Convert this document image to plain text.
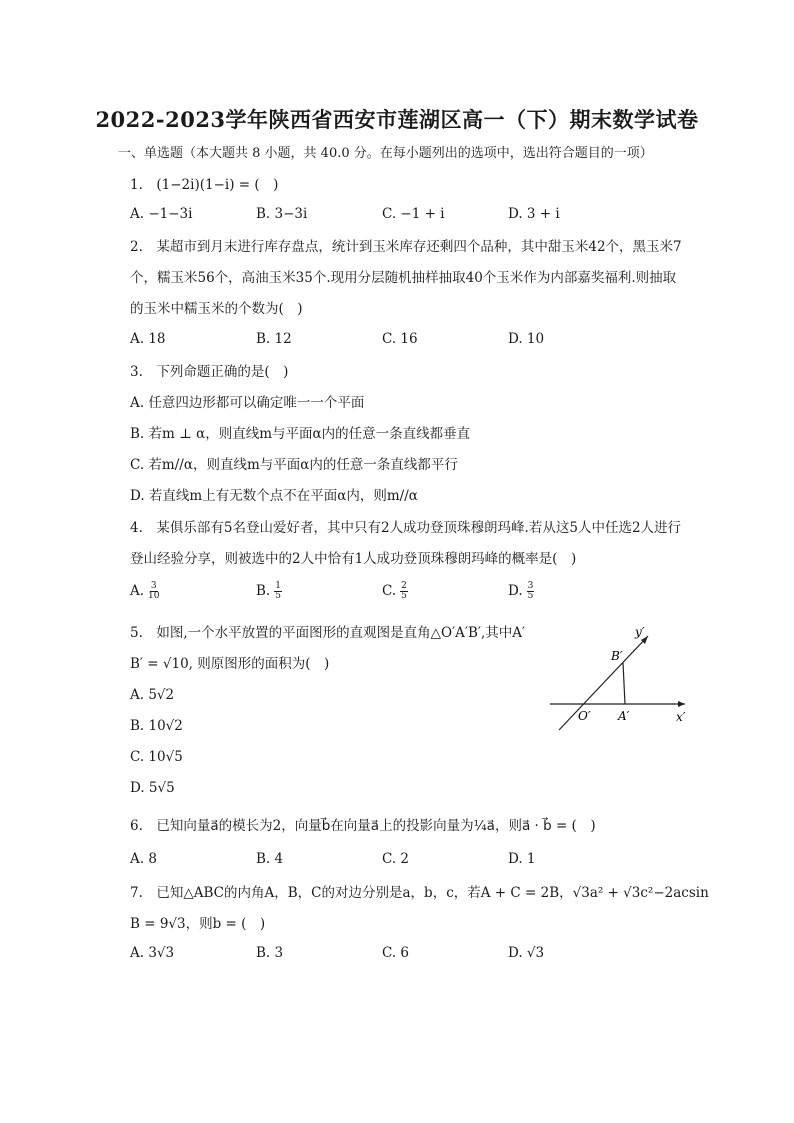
2022-2023学年陕西省西安市莲湖区高一（下）期末数学试卷
一、单选题（本大题共 8 小题，共 40.0 分。在每小题列出的选项中，选出符合题目的一项）
1.　(1−2i)(1−i) = (　)
A. −1−3i	B. 3−3i	C. −1 + i	D. 3 + i
2.　某超市到月末进行库存盘点，统计到玉米库存还剩四个品种，其中甜玉米42个，黑玉米7
个，糯玉米56个，高油玉米35个.现用分层随机抽样抽取40个玉米作为内部嘉奖福利.则抽取
的玉米中糯玉米的个数为(　)
A. 18	B. 12	C. 16	D. 10
3.　下列命题正确的是(　)
A. 任意四边形都可以确定唯一一个平面
B. 若m ⊥ α，则直线m与平面α内的任意一条直线都垂直
C. 若m//α，则直线m与平面α内的任意一条直线都平行
D. 若直线m上有无数个点不在平面α内，则m//α
4.　某俱乐部有5名登山爱好者，其中只有2人成功登顶珠穆朗玛峰.若从这5人中任选2人进行
登山经验分享，则被选中的2人中恰有1人成功登顶珠穆朗玛峰的概率是(　)
A. $\frac{3}{10}$	B. $\frac{1}{5}$	C. $\frac{2}{5}$	D. $\frac{3}{5}$
5.　如图,一个水平放置的平面图形的直观图是直角△O′A′B′,其中A′
B′ = √10, 则原图形的面积为(　)
A. 5√2
B. 10√2
C. 10√5
D. 5√5
y′
B′
O′ A′	x′
6.　已知向量a⃗的模长为2，向量b⃗在向量a⃗上的投影向量为¼a⃗，则a⃗ · b⃗ = (　)
A. 8	B. 4	C. 2	D. 1
7.　已知△ABC的内角A，B，C的对边分别是a，b，c，若A + C = 2B，√3a² + √3c²−2acsin
B = 9√3，则b = (　)
A. 3√3	B. 3	C. 6	D. √3
